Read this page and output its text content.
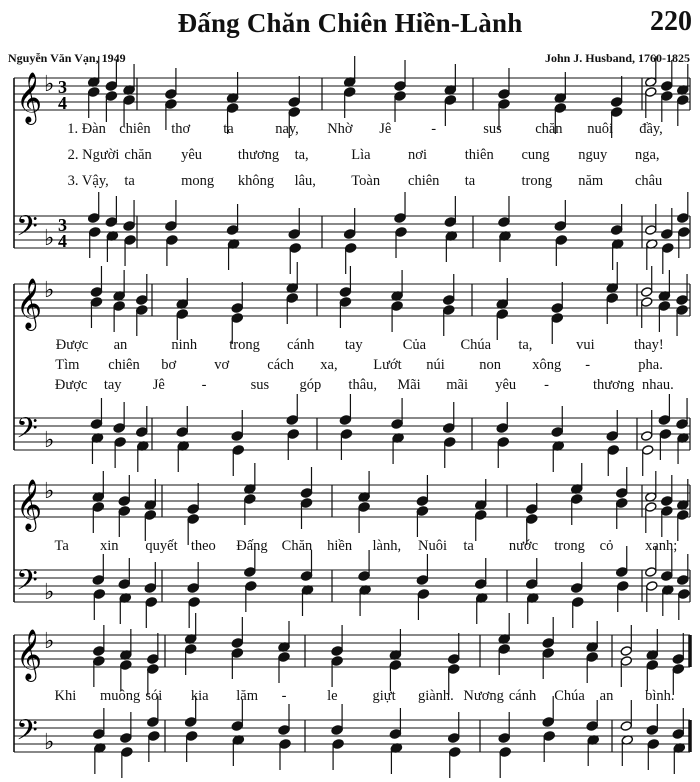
Đấng Chăn Chiên Hiền-Lành	220
Nguyễn Văn Vạn, 1949	John J. Husband, 1760-1825
𝄞 ♭ 3
4
𝄢 ♭
3
4
1. Đàn chiên thơ ta	nay, Nhờ Jê	-	sus chăn nuôi đầy,
2. Người chăn yêu thương ta,	Lìa	nơi	thiên cung nguy nga,
3. Vậy, ta	mong không lâu, Toàn chiên ta	trong năm châu
𝄞 ♭
𝄢 ♭
Được an	ninh trong cánh tay	Của Chúa ta,	vui	thay!
Tìm chiên bơ	vơ	cách xa, Lướt núi non xông -	pha.
Được tay Jê	-	sus góp thâu, Mãi mãi yêu -	thương nhau.
𝄞 ♭
𝄢 ♭
Ta xin quyết theo Đấng Chăn hiền lành, Nuôi ta nước trong cỏ xanh;
𝄞 ♭
𝄢 ♭
Khi muông sói kia lăm -	le giựt giành. Nương cánh Chúa an bình.
